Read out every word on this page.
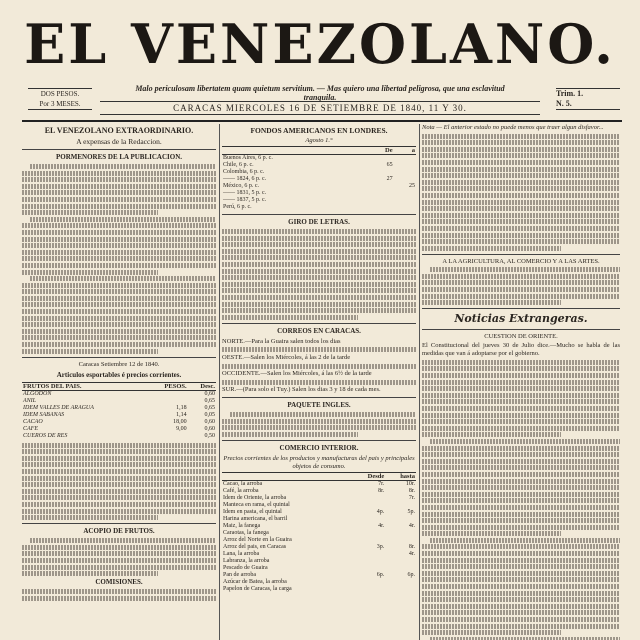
EL VENEZOLANO.
DOS PESOS.
Por 3 MESES.
Malo periculosam libertatem quam quietum servitium. — Mas quiero una libertad peligrosa, que una esclavitud tranquila.
CARACAS MIERCOLES 16 DE SETIEMBRE DE 1840, 11 Y 30.
Trim. 1.
N. 5.
EL VENEZOLANO EXTRAORDINARIO.
A expensas de la Redaccion.
PORMENORES DE LA PUBLICACION.
Caracas Setiembre 12 de 1840.
Articulos esportables é precios corrientes.
FRUTOS DEL PAIS.	PESOS.	Desc.
ALGODON		0,60
ANIL		0,65
IDEM VALLES DE ARAGUA	1,18	0,65
IDEM SABANAS	1,14	0,05
CACAO	18,00	0,60
CAFE	9,00	0,60
CUEROS DE RES		0,50
ACOPIO DE FRUTOS.
COMISIONES.
FONDOS AMERICANOS EN LONDRES.
Agosto 1.°
	De	a
Buenos Aires, 6 p. c.		
Chile, 6 p. c.	65	
Colombia, 6 p. c.		
—— 1824, 6 p. c.	27	
México, 6 p. c.		25
—— 1831, 5 p. c.		
—— 1837, 5 p. c.		
Perú, 6 p. c.		
GIRO DE LETRAS.
CORREOS EN CARACAS.

NORTE.—Para la Guaira salen todos los dias

OESTE.—Salen los Miércoles, á las 2 de la tarde

OCCIDENTE.—Salen los Miércoles, á las 6½ de la tarde

SUR.—(Para solo el Tuy.) Salen los dias 3 y 18 de cada mes.

PAQUETE INGLES.
COMERCIO INTERIOR.
Precios corrientes de los productos y manufacturas del pais y principales objetos de consumo.
	Desde	hasta
Cacao, la arroba	7r.	10r.
Café, la arroba	8r.	8r.
Idem de Oriente, la arroba		7r.
Manteca en rama, el quintal		
Idem en pasta, el quintal	4p.	5p.
Harina americana, el barril		
Maiz, la fanega	4r.	4r.
Caraotas, la fanega		
Arroz del Norte en la Guaira		
Arroz del pais, en Caracas	3p.	8r.
Lana, la arroba		4r.
Labranza, la arroba		
Pescado de Guaira		
Pan de arroba	6p.	6p.
Azúcar de Batea, la arroba		
Papelon de Caracas, la carga		

Nota — El anterior estado no puede menos que traer algun disfavor...

A LA AGRICULTURA, AL COMERCIO Y A LAS ARTES.
Noticias Extrangeras.
CUESTION DE ORIENTE.

El Constitucional del jueves 30 de Julio dice.—Mucho se habla de las medidas que van á adoptarse por el gobierno.
